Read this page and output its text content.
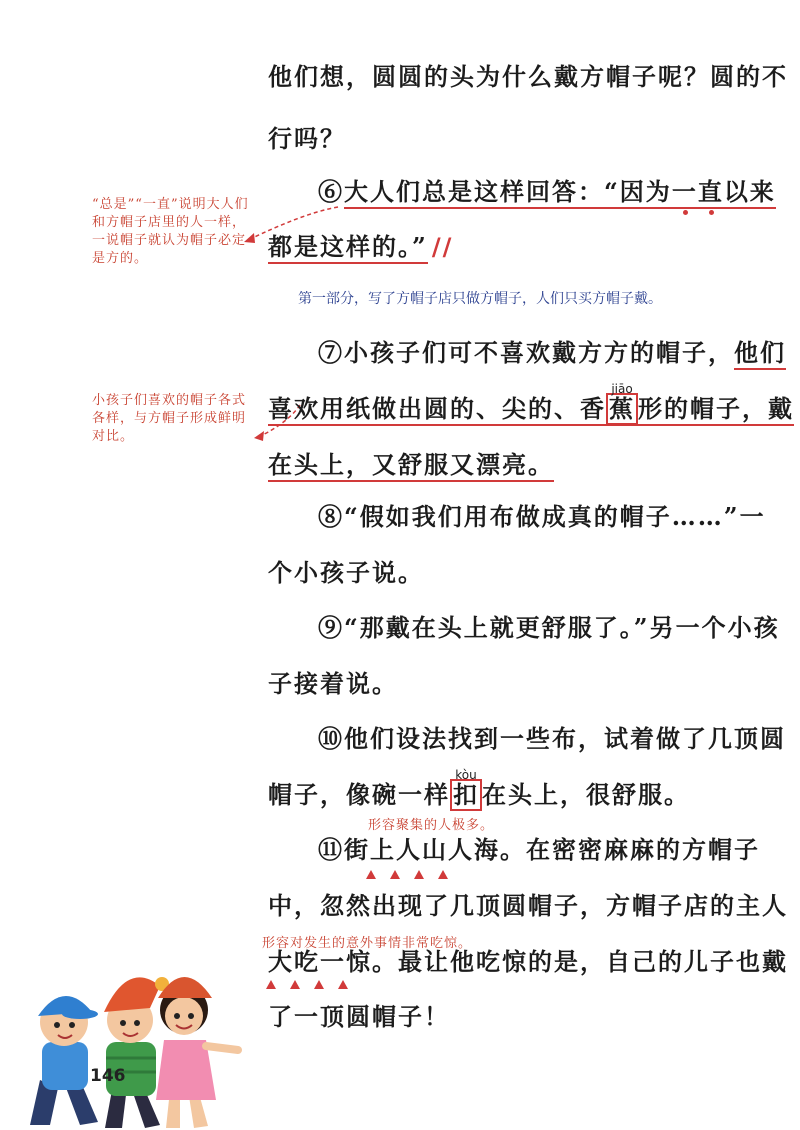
他们想，圆圆的头为什么戴方帽子呢？圆的不
行吗？
⑥大人们总是这样回答：“因为一直以来
都是这样的。” //
“总是”“一直”说明大人们和方帽子店里的人一样，一说帽子就认为帽子必定是方的。
第一部分，写了方帽子店只做方帽子，人们只买方帽子戴。
⑦小孩子们可不喜欢戴方方的帽子，他们
喜欢用纸做出圆的、尖的、香
jiāo
蕉 形的帽子，戴
在头上，又舒服又漂亮。
小孩子们喜欢的帽子各式各样，与方帽子形成鲜明对比。
⑧“假如我们用布做成真的帽子……”一
个小孩子说。
⑨“那戴在头上就更舒服了。”另一个小孩
子接着说。
⑩他们设法找到一些布，试着做了几顶圆
帽子，像碗一样
kòu
扣 在头上，很舒服。
形容聚集的人极多。
⑪街上人山人海。在密密麻麻的方帽子
中，忽然出现了几顶圆帽子，方帽子店的主人
形容对发生的意外事情非常吃惊。
大吃一惊。最让他吃惊的是，自己的儿子也戴
了一顶圆帽子！
146
